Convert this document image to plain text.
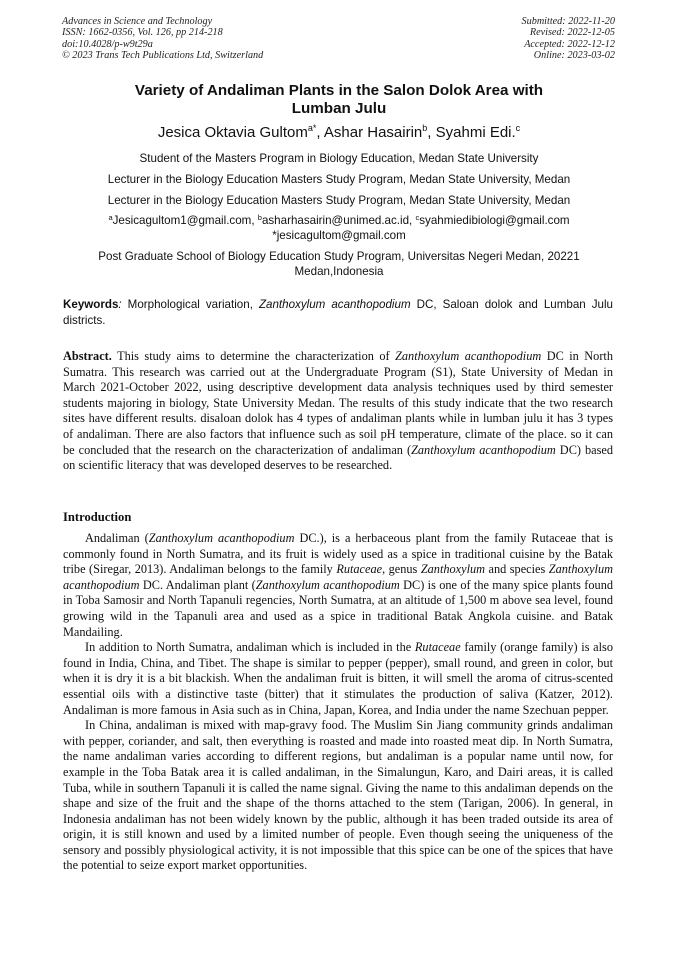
Advances in Science and Technology
ISSN: 1662-0356, Vol. 126, pp 214-218
doi:10.4028/p-w9t29a
© 2023 Trans Tech Publications Ltd, Switzerland
Submitted: 2022-11-20
Revised: 2022-12-05
Accepted: 2022-12-12
Online: 2023-03-02
Variety of Andaliman Plants in the Salon Dolok Area with
Lumban Julu
Jesica Oktavia Gultom$^{a*}$, Ashar Hasairin$^b$, Syahmi Edi.$^c$
Student of the Masters Program in Biology Education, Medan State University
Lecturer in the Biology Education Masters Study Program, Medan State University, Medan
Lecturer in the Biology Education Masters Study Program, Medan State University, Medan
$^a$Jesicagultom1@gmail.com, $^b$asharhasairin@unimed.ac.id, $^c$syahmiedibiologi@gmail.com
*jesicagultom@gmail.com
Post Graduate School of Biology Education Study Program, Universitas Negeri Medan, 20221
Medan,Indonesia
Keywords: Morphological variation, Zanthoxylum acanthopodium DC, Saloan dolok and Lumban Julu districts.
Abstract. This study aims to determine the characterization of Zanthoxylum acanthopodium DC in North Sumatra. This research was carried out at the Undergraduate Program (S1), State University of Medan in March 2021-October 2022, using descriptive development data analysis techniques used by third semester students majoring in biology, State University Medan. The results of this study indicate that the two research sites have different results. disaloan dolok has 4 types of andaliman plants while in lumban julu it has 3 types of andaliman. There are also factors that influence such as soil pH temperature, climate of the place. so it can be concluded that the research on the characterization of andaliman (Zanthoxylum acanthopodium DC) based on scientific literacy that was developed deserves to be researched.
Introduction

Andaliman (Zanthoxylum acanthopodium DC.), is a herbaceous plant from the family Rutaceae that is commonly found in North Sumatra, and its fruit is widely used as a spice in traditional cuisine by the Batak tribe (Siregar, 2013). Andaliman belongs to the family Rutaceae, genus Zanthoxylum and species Zanthoxylum acanthopodium DC. Andaliman plant (Zanthoxylum acanthopodium DC) is one of the many spice plants found in Toba Samosir and North Tapanuli regencies, North Sumatra, at an altitude of 1,500 m above sea level, found growing wild in the Tapanuli area and used as a spice in traditional Batak Angkola cuisine. and Batak Mandailing.

In addition to North Sumatra, andaliman which is included in the Rutaceae family (orange family) is also found in India, China, and Tibet. The shape is similar to pepper (pepper), small round, and green in color, but when it is dry it is a bit blackish. When the andaliman fruit is bitten, it will smell the aroma of citrus-scented essential oils with a distinctive taste (bitter) that it stimulates the production of saliva (Katzer, 2012). Andaliman is more famous in Asia such as in China, Japan, Korea, and India under the name Szechuan pepper.

In China, andaliman is mixed with map-gravy food. The Muslim Sin Jiang community grinds andaliman with pepper, coriander, and salt, then everything is roasted and made into roasted meat dip. In North Sumatra, the name andaliman varies according to different regions, but andaliman is a popular name until now, for example in the Toba Batak area it is called andaliman, in the Simalungun, Karo, and Dairi areas, it is called Tuba, while in southern Tapanuli it is called the name signal. Giving the name to this andaliman depends on the shape and size of the fruit and the shape of the thorns attached to the stem (Tarigan, 2006). In general, in Indonesia andaliman has not been widely known by the public, although it has been traded outside its area of origin, it is still known and used by a limited number of people. Even though seeing the uniqueness of the sensory and possibly physiological activity, it is not impossible that this spice can be one of the spices that have the potential to seize export market opportunities.
